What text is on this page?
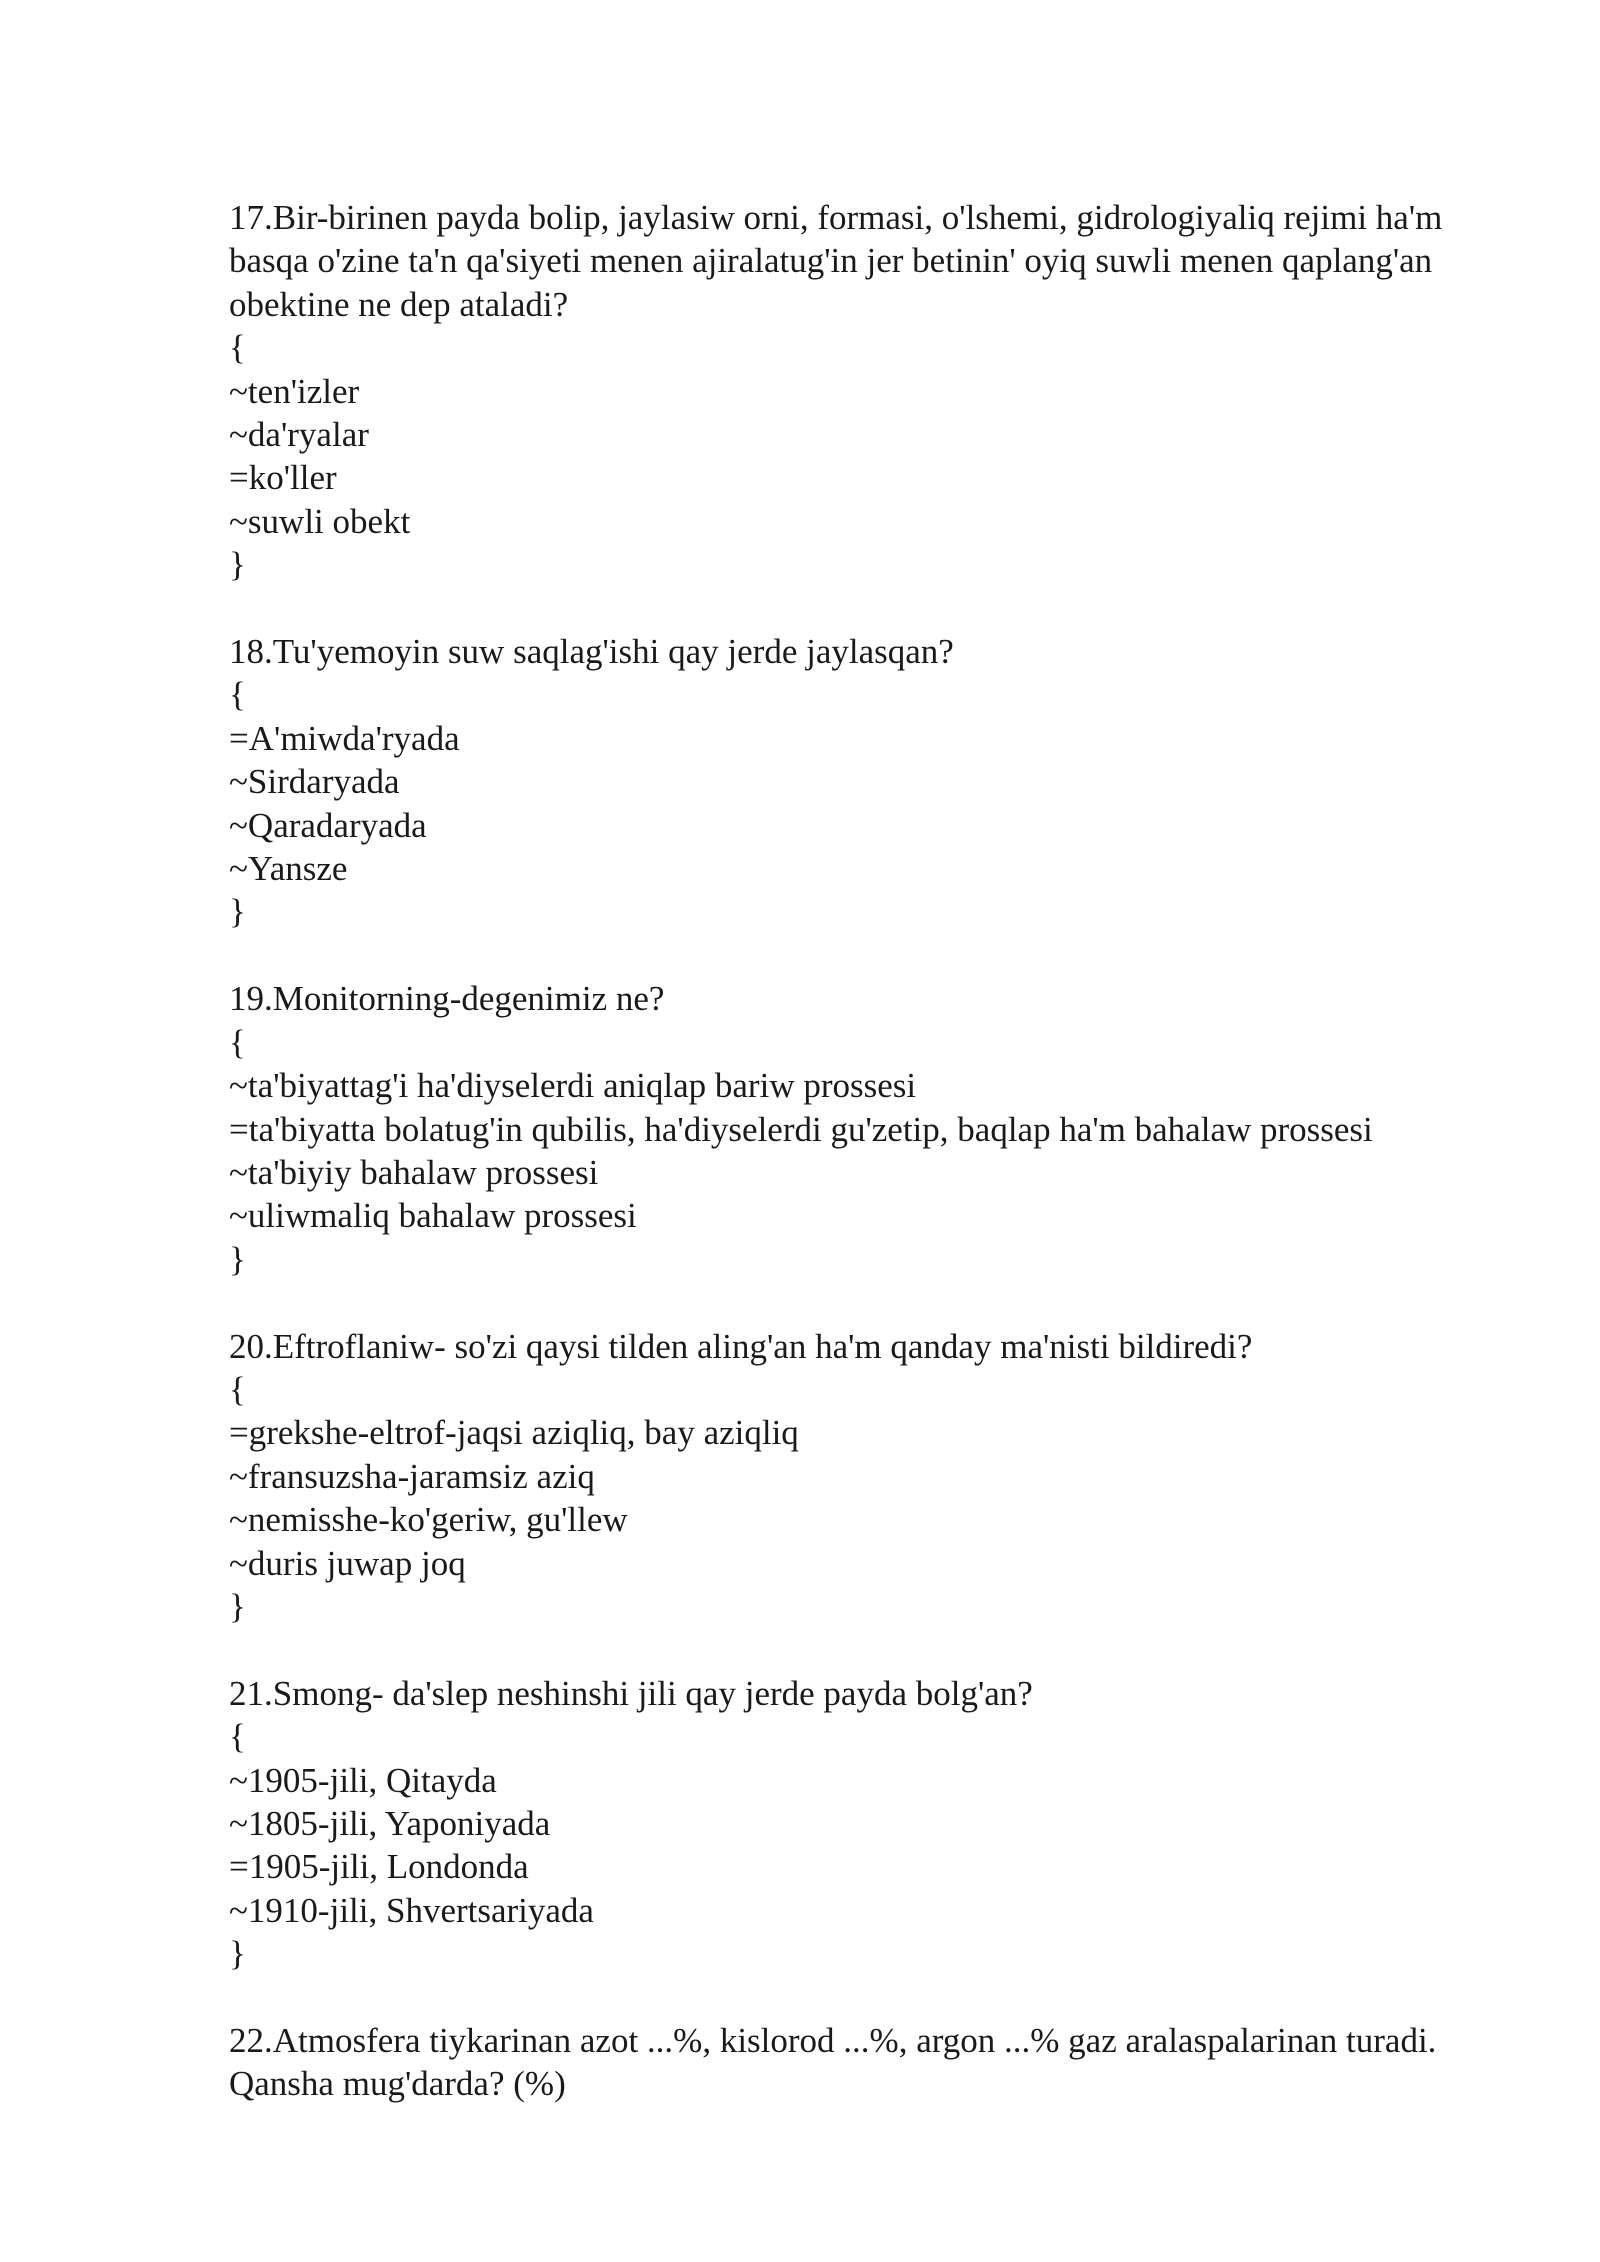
17.Bir-birinen payda bolip, jaylasiw orni, formasi, o'lshemi, gidrologiyaliq rejimi ha'm basqa o'zine ta'n qa'siyeti menen ajiralatug'in jer betinin' oyiq suwli menen qaplang'an obektine ne dep ataladi?
{
~ten'izler
~da'ryalar
=ko'ller
~suwli obekt
}
18.Tu'yemoyin suw saqlag'ishi qay jerde jaylasqan?
{
=A'miwda'ryada
~Sirdaryada
~Qaradaryada
~Yansze
}
19.Monitorning-degenimiz ne?
{
~ta'biyattag'i ha'diyselerdi aniqlap bariw prossesi
=ta'biyatta bolatug'in qubilis, ha'diyselerdi gu'zetip, baqlap ha'm bahalaw prossesi
~ta'biyiy bahalaw prossesi
~uliwmaliq bahalaw prossesi
}
20.Eftroflaniw- so'zi qaysi tilden aling'an ha'm qanday ma'nisti bildiredi?
{
=grekshe-eltrof-jaqsi aziqliq, bay aziqliq
~fransuzsha-jaramsiz aziq
~nemisshe-ko'geriw, gu'llew
~duris juwap joq
}
21.Smong- da'slep neshinshi jili qay jerde payda bolg'an?
{
~1905-jili, Qitayda
~1805-jili, Yaponiyada
=1905-jili, Londonda
~1910-jili, Shvertsariyada
}
22.Atmosfera tiykarinan azot ...%, kislorod ...%, argon ...% gaz aralaspalarinan turadi. Qansha mug'darda? (%)
